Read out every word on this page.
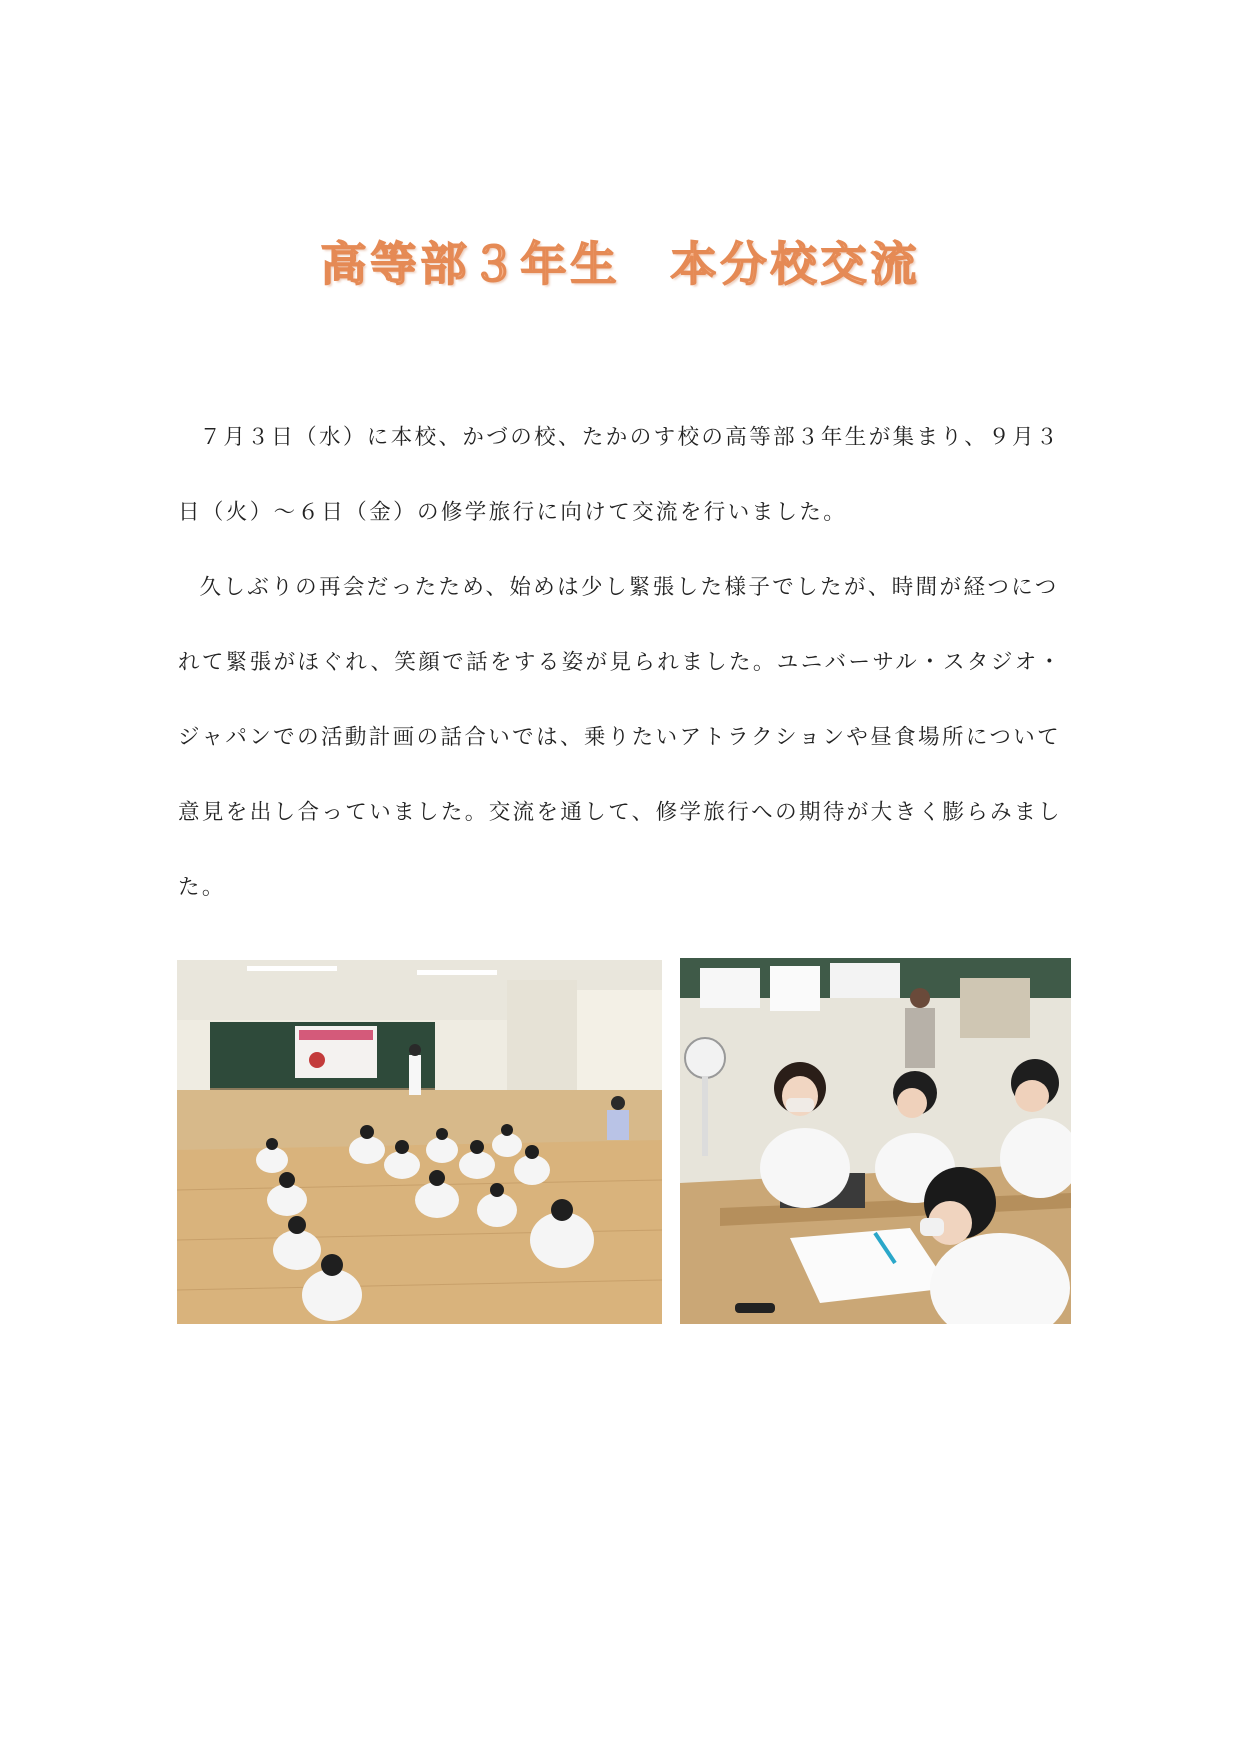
高等部３年生　本分校交流

７月３日（水）に本校、かづの校、たかのす校の高等部３年生が集まり、９月３日（火）～６日（金）の修学旅行に向けて交流を行いました。

久しぶりの再会だったため、始めは少し緊張した様子でしたが、時間が経つにつれて緊張がほぐれ、笑顔で話をする姿が見られました。ユニバーサル・スタジオ・ジャパンでの活動計画の話合いでは、乗りたいアトラクションや昼食場所について意見を出し合っていました。交流を通して、修学旅行への期待が大きく膨らみました。
